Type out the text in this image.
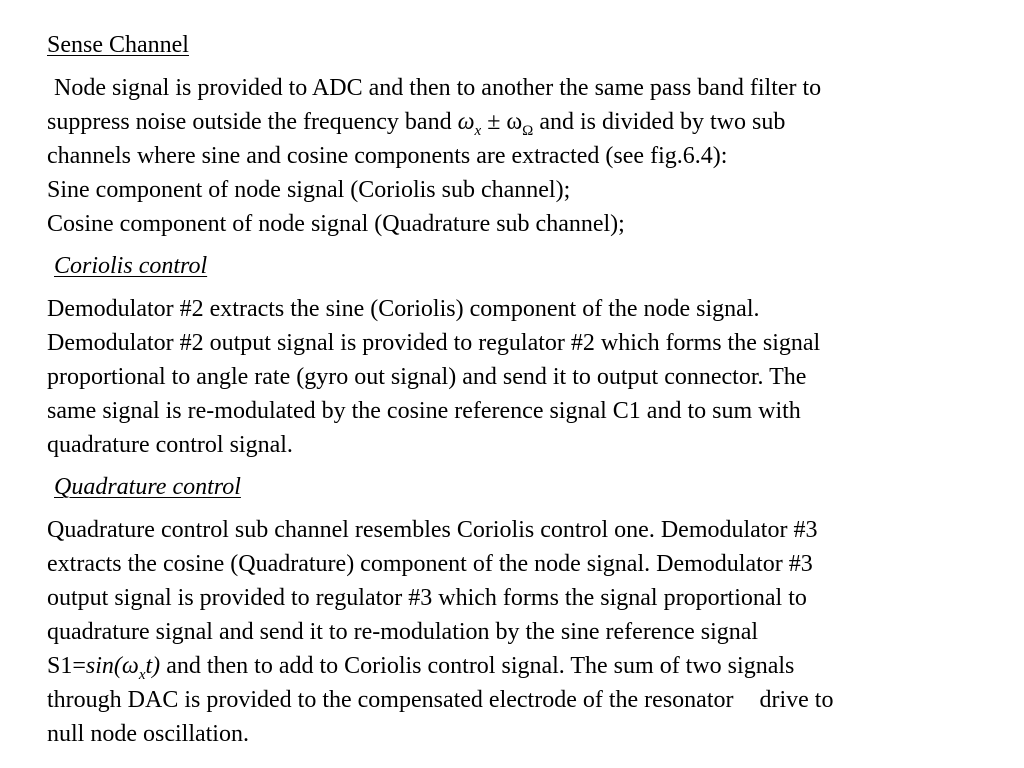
Sense Channel
Node signal is provided to ADC and then to another the same pass band filter to
suppress noise outside the frequency band $\omega_x \pm \omega_\Omega$ and is divided by two sub
channels where sine and cosine components are extracted (see fig.6.4):
Sine component of node signal (Coriolis sub channel);
Cosine component of node signal (Quadrature sub channel);
Coriolis control
Demodulator #2 extracts the sine (Coriolis) component of the node signal.
Demodulator #2 output signal is provided to regulator #2 which forms the signal
proportional to angle rate (gyro out signal) and send it to output connector. The
same signal is re-modulated by the cosine reference signal C1 and to sum with
quadrature control signal.
Quadrature control
Quadrature control sub channel resembles Coriolis control one. Demodulator #3
extracts the cosine (Quadrature) component of the node signal. Demodulator #3
output signal is provided to regulator #3 which forms the signal proportional to
quadrature signal and send it to re-modulation by the sine reference signal
$S1=\sin(\omega_xt)$ and then to add to Coriolis control signal. The sum of two signals
through DAC is provided to the compensated electrode of the resonator drive to
null node oscillation.
